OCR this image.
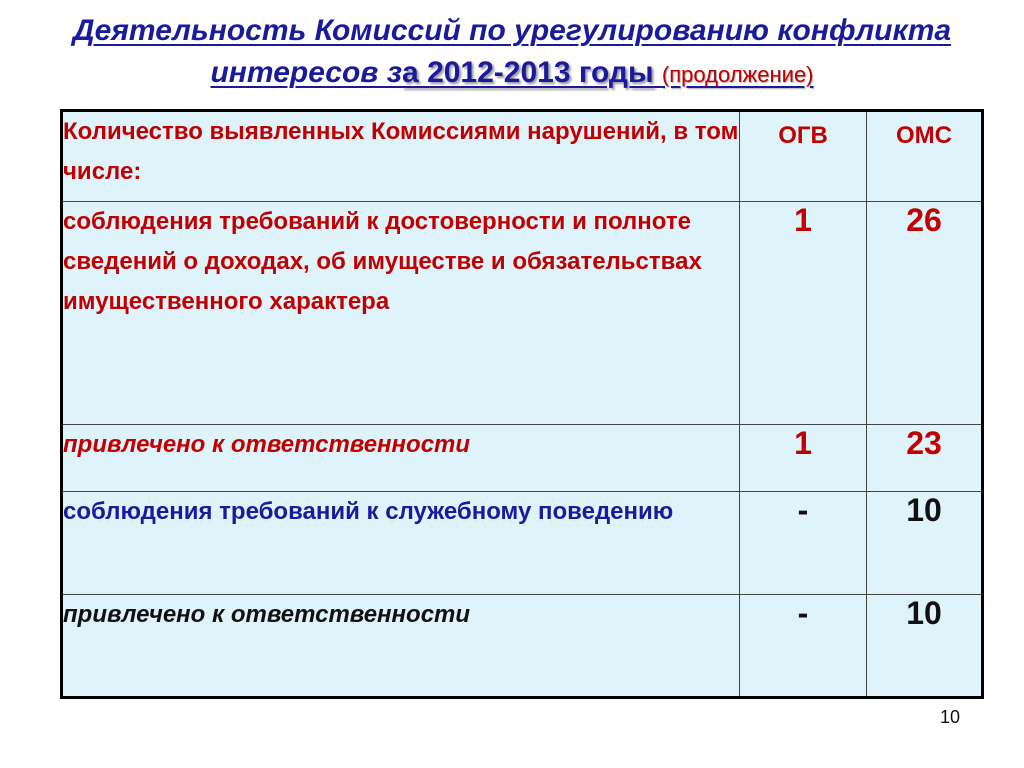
Деятельность Комиссий по урегулированию конфликта
интересов за 2012-2013 годы (продолжение)
Количество выявленных Комиссиями нарушений, в том числе:	ОГВ	ОМС
соблюдения требований к достоверности и полноте сведений о доходах, об имуществе и обязательствах имущественного характера	1	26
привлечено к ответственности	1	23
соблюдения требований к служебному поведению	-	10
привлечено к ответственности	-	10
10
